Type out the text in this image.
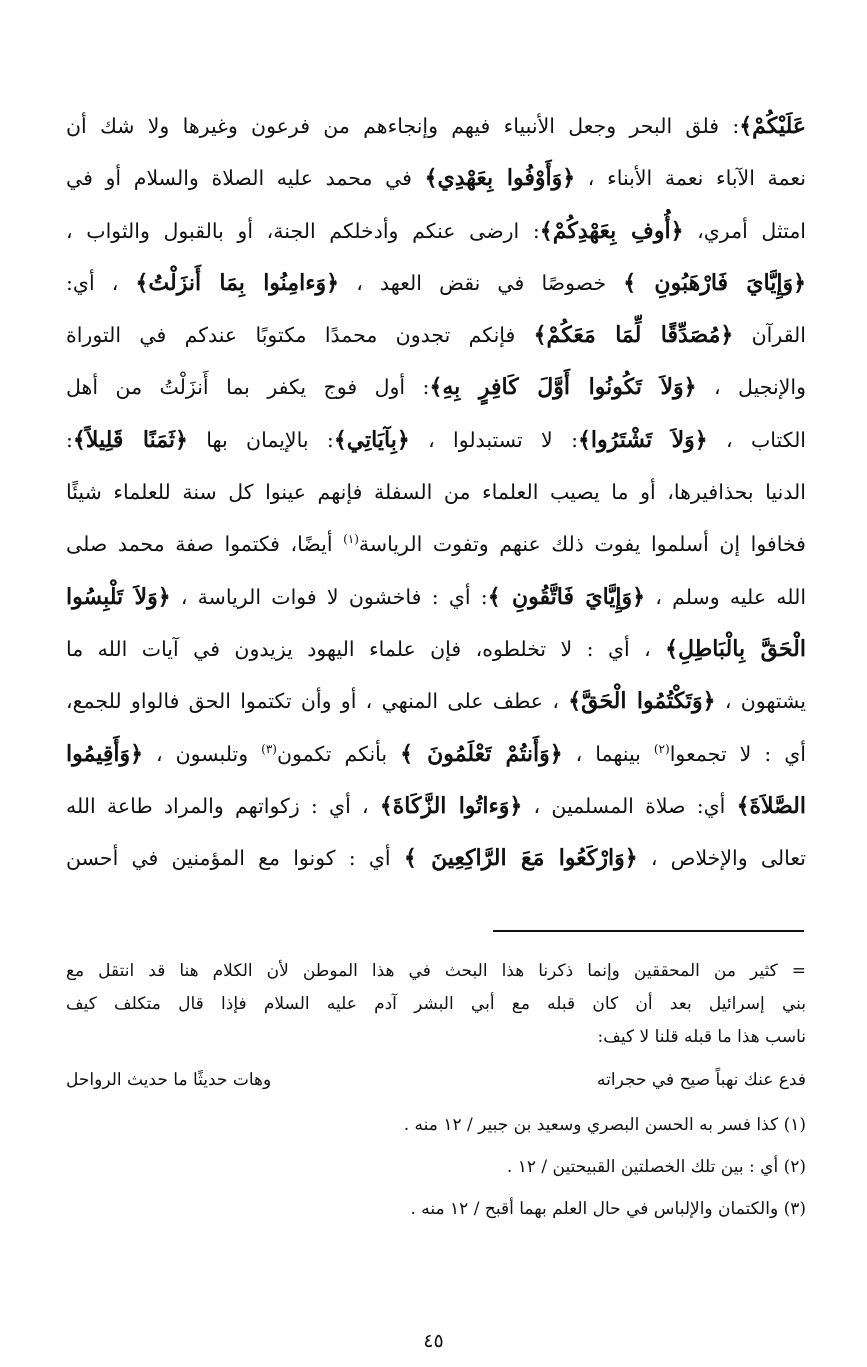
عَلَيْكُمْ﴾: فلق البحر وجعل الأنبياء فيهم وإنجاءهم من فرعون وغيرها ولا شك أن
نعمة الآباء نعمة الأبناء ، ﴿وَأَوْفُوا بِعَهْدِي﴾ في محمد عليه الصلاة والسلام أو في
امتثل أمري، ﴿أُوفِ بِعَهْدِكُمْ﴾: ارضى عنكم وأدخلكم الجنة، أو بالقبول والثواب ،
﴿وَإِيَّايَ فَارْهَبُونِ ﴾ خصوصًا في نقض العهد ، ﴿وَءامِنُوا بِمَا أَنزَلْتُ﴾ ، أي:
القرآن ﴿مُصَدِّقًا لِّمَا مَعَكُمْ﴾ فإنكم تجدون محمدًا مكتوبًا عندكم في التوراة
والإنجيل ، ﴿وَلاَ تَكُونُوا أَوَّلَ كَافِرٍ بِهِ﴾: أول فوج يكفر بما أَنزَلْتُ من أهل
الكتاب ، ﴿وَلاَ تَشْتَرُوا﴾: لا تستبدلوا ، ﴿بِآيَاتِي﴾: بالإيمان بها ﴿ثَمَنًا قَلِيلاً﴾:
الدنيا بحذافيرها، أو ما يصيب العلماء من السفلة فإنهم عينوا كل سنة للعلماء شيئًا
فخافوا إن أسلموا يفوت ذلك عنهم وتفوت الرياسة$^{(١)}$ أيضًا، فكتموا صفة محمد صلى
الله عليه وسلم ، ﴿وَإِيَّايَ فَاتَّقُونِ ﴾: أي : فاخشون لا فوات الرياسة ، ﴿وَلاَ تَلْبِسُوا
الْحَقَّ بِالْبَاطِلِ﴾ ، أي : لا تخلطوه، فإن علماء اليهود يزيدون في آيات الله ما
يشتهون ، ﴿وَتَكْتُمُوا الْحَقَّ﴾ ، عطف على المنهي ، أو وأن تكتموا الحق فالواو للجمع،
أي : لا تجمعوا$^{(٢)}$ بينهما ، ﴿وَأَنتُمْ تَعْلَمُونَ ﴾ بأنكم تكمون$^{(٣)}$ وتلبسون ، ﴿وَأَقِيمُوا
الصَّلاَةَ﴾ أي: صلاة المسلمين ، ﴿وَءاتُوا الزَّكَاةَ﴾ ، أي : زكواتهم والمراد طاعة الله
تعالى والإخلاص ، ﴿وَارْكَعُوا مَعَ الرَّاكِعِينَ ﴾ أي : كونوا مع المؤمنين في أحسن
= كثير من المحققين وإنما ذكرنا هذا البحث في هذا الموطن لأن الكلام هنا قد انتقل مع
بني إسرائيل بعد أن كان قبله مع أبي البشر آدم عليه السلام فإذا قال متكلف كيف
ناسب هذا ما قبله قلنا لا كيف:
فدع عنك نهباً صيح في حجراته
وهات حديثًا ما حديث الرواحل
(١) كذا فسر به الحسن البصري وسعيد بن جبير / ١٢ منه .
(٢) أي : بين تلك الخصلتين القبيحتين / ١٢ .
(٣) والكتمان والإلباس في حال العلم بهما أقبح / ١٢ منه .
٤٥
